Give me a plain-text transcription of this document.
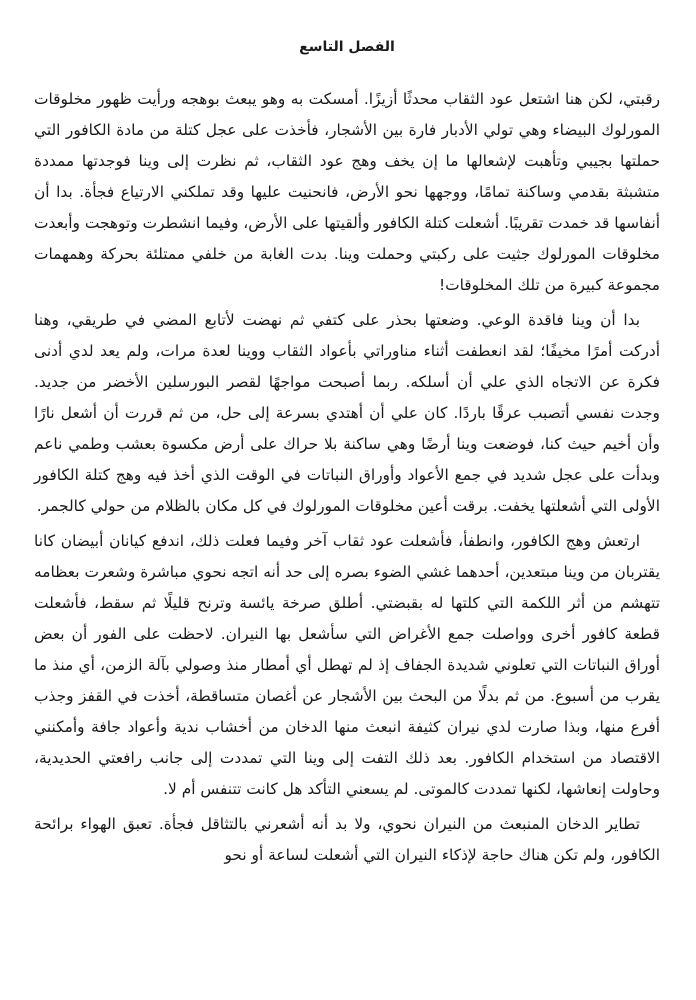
الفصل التاسع

رقبتي، لكن هنا اشتعل عود الثقاب محدثًا أزيزًا. أمسكت به وهو يبعث بوهجه ورأيت ظهور مخلوقات المورلوك البيضاء وهي تولي الأدبار فارة بين الأشجار، فأخذت على عجل كتلة من مادة الكافور التي حملتها بجيبي وتأهبت لإشعالها ما إن يخف وهج عود الثقاب، ثم نظرت إلى وينا فوجدتها ممددة متشبثة بقدمي وساكنة تمامًا، ووجهها نحو الأرض، فانحنيت عليها وقد تملكني الارتياع فجأة. بدا أن أنفاسها قد خمدت تقريبًا. أشعلت كتلة الكافور وألقيتها على الأرض، وفيما انشطرت وتوهجت وأبعدت مخلوقات المورلوك جثيت على ركبتي وحملت وينا. بدت الغابة من خلفي ممتلئة بحركة وهمهمات مجموعة كبيرة من تلك المخلوقات!

بدا أن وينا فاقدة الوعي. وضعتها بحذر على كتفي ثم نهضت لأتابع المضي في طريقي، وهنا أدركت أمرًا مخيفًا؛ لقد انعطفت أثناء مناوراتي بأعواد الثقاب ووينا لعدة مرات، ولم يعد لدي أدنى فكرة عن الاتجاه الذي علي أن أسلكه. ربما أصبحت مواجهًا لقصر البورسلين الأخضر من جديد. وجدت نفسي أتصبب عرقًا باردًا. كان علي أن أهتدي بسرعة إلى حل، من ثم قررت أن أشعل نارًا وأن أخيم حيث كنا، فوضعت وينا أرضًا وهي ساكنة بلا حراك على أرض مكسوة بعشب وطمي ناعم وبدأت على عجل شديد في جمع الأعواد وأوراق النباتات في الوقت الذي أخذ فيه وهج كتلة الكافور الأولى التي أشعلتها يخفت. برقت أعين مخلوقات المورلوك في كل مكان بالظلام من حولي كالجمر.

ارتعش وهج الكافور، وانطفأ، فأشعلت عود ثقاب آخر وفيما فعلت ذلك، اندفع كيانان أبيضان كانا يقتربان من وينا مبتعدين، أحدهما غشي الضوء بصره إلى حد أنه اتجه نحوي مباشرة وشعرت بعظامه تتهشم من أثر اللكمة التي كلتها له بقبضتي. أطلق صرخة يائسة وترنح قليلًا ثم سقط، فأشعلت قطعة كافور أخرى وواصلت جمع الأغراض التي سأشعل بها النيران. لاحظت على الفور أن بعض أوراق النباتات التي تعلوني شديدة الجفاف إذ لم تهطل أي أمطار منذ وصولي بآلة الزمن، أي منذ ما يقرب من أسبوع. من ثم بدلًا من البحث بين الأشجار عن أغصان متساقطة، أخذت في القفز وجذب أفرع منها، وبذا صارت لدي نيران كثيفة انبعث منها الدخان من أخشاب ندية وأعواد جافة وأمكنني الاقتصاد من استخدام الكافور. بعد ذلك التفت إلى وينا التي تمددت إلى جانب رافعتي الحديدية، وحاولت إنعاشها، لكنها تمددت كالموتى. لم يسعني التأكد هل كانت تتنفس أم لا.

تطاير الدخان المنبعث من النيران نحوي، ولا بد أنه أشعرني بالتثاقل فجأة. تعبق الهواء برائحة الكافور، ولم تكن هناك حاجة لإذكاء النيران التي أشعلت لساعة أو نحو
